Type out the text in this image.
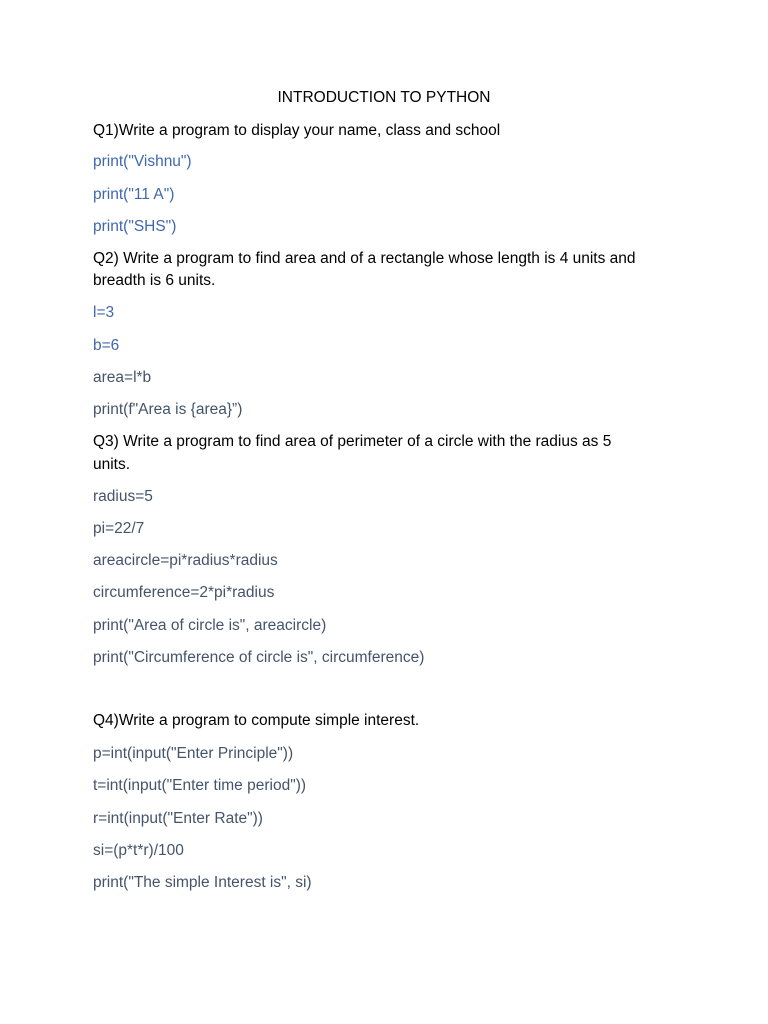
INTRODUCTION TO PYTHON
Q1)Write a program to display your name, class and school
print("Vishnu")
print("11 A")
print("SHS")
Q2) Write a program to find area and of a rectangle whose length is 4 units and
breadth is 6 units.
l=3
b=6
area=l*b
print(f"Area is {area}”)
Q3) Write a program to find area of perimeter of a circle with the radius as 5
units.
radius=5
pi=22/7
areacircle=pi*radius*radius
circumference=2*pi*radius
print("Area of circle is", areacircle)
print("Circumference of circle is", circumference)
Q4)Write a program to compute simple interest.
p=int(input("Enter Principle"))
t=int(input("Enter time period"))
r=int(input("Enter Rate"))
si=(p*t*r)/100
print("The simple Interest is", si)
